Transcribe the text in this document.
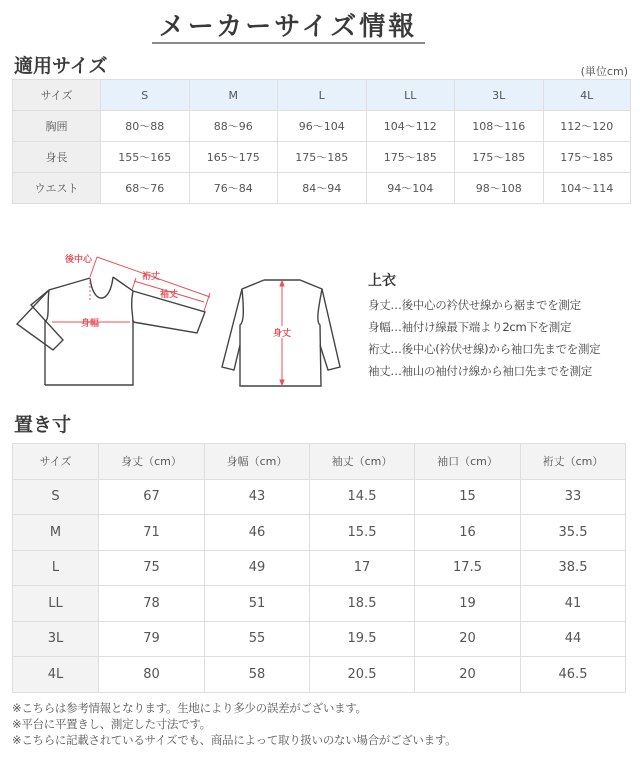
メーカーサイズ情報
適用サイズ	(単位cm)
サイズ	S	M	L	LL	3L	4L
胸囲	80〜88	88〜96	96〜104	104〜112	108〜116	112〜120
身長	155〜165	165〜175	175〜185	175〜185	175〜185	175〜185
ウエスト	68〜76	76〜84	84〜94	94〜104	98〜108	104〜114
後中心
裄丈
袖丈
身幅
身丈
上衣
身丈…後中心の衿伏せ線から裾までを測定
身幅…袖付け線最下端より2cm下を測定
裄丈…後中心(衿伏せ線)から袖口先までを測定
袖丈…袖山の袖付け線から袖口先までを測定
置き寸
サイズ	身丈（cm）	身幅（cm）	袖丈（cm）	袖口（cm）	裄丈（cm）
S	67	43	14.5	15	33
M	71	46	15.5	16	35.5
L	75	49	17	17.5	38.5
LL	78	51	18.5	19	41
3L	79	55	19.5	20	44
4L	80	58	20.5	20	46.5
※こちらは参考情報となります。生地により多少の誤差がございます。
※平台に平置きし、測定した寸法です。
※こちらに記載されているサイズでも、商品によって取り扱いのない場合がございます。
